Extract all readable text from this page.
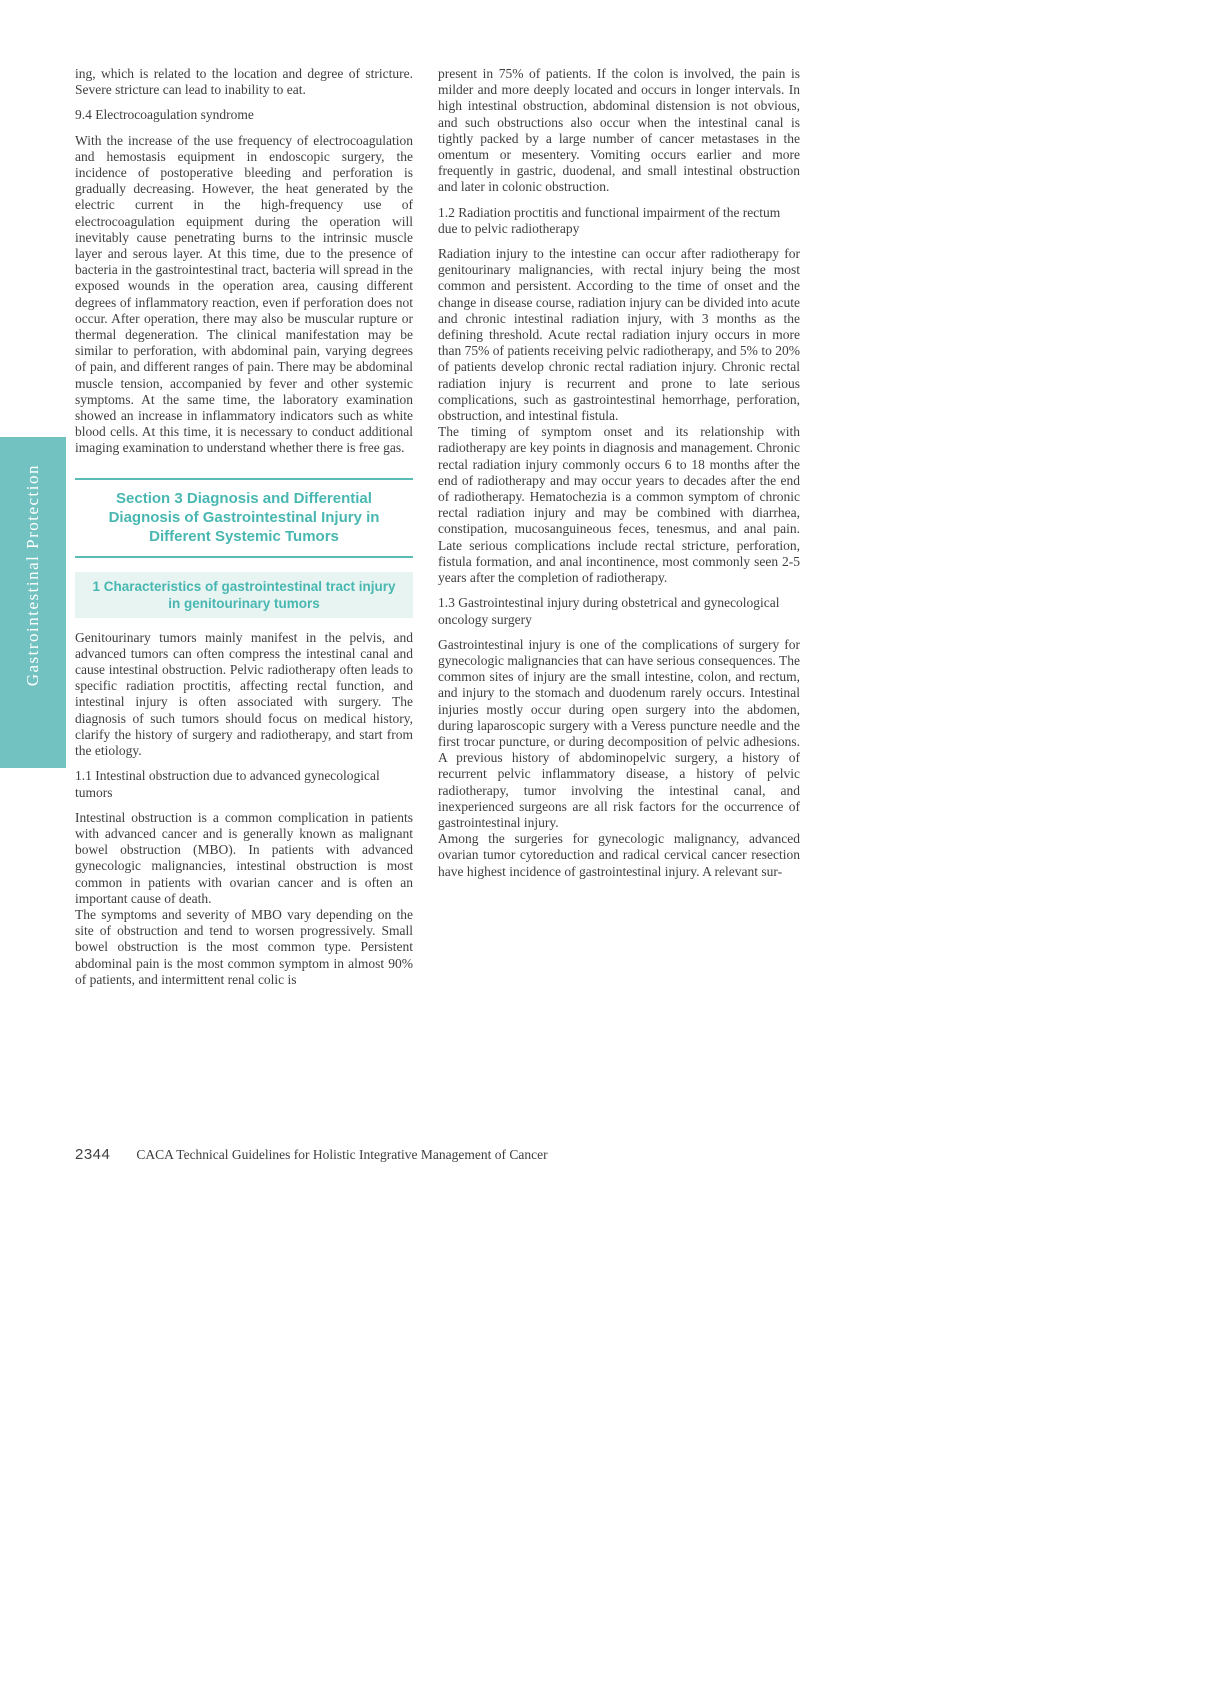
Gastrointestinal Protection
ing, which is related to the location and degree of stricture. Severe stricture can lead to inability to eat.
9.4 Electrocoagulation syndrome
With the increase of the use frequency of electrocoagulation and hemostasis equipment in endoscopic surgery, the incidence of postoperative bleeding and perforation is gradually decreasing. However, the heat generated by the electric current in the high-frequency use of electrocoagulation equipment during the operation will inevitably cause penetrating burns to the intrinsic muscle layer and serous layer. At this time, due to the presence of bacteria in the gastrointestinal tract, bacteria will spread in the exposed wounds in the operation area, causing different degrees of inflammatory reaction, even if perforation does not occur. After operation, there may also be muscular rupture or thermal degeneration. The clinical manifestation may be similar to perforation, with abdominal pain, varying degrees of pain, and different ranges of pain. There may be abdominal muscle tension, accompanied by fever and other systemic symptoms. At the same time, the laboratory examination showed an increase in inflammatory indicators such as white blood cells. At this time, it is necessary to conduct additional imaging examination to understand whether there is free gas.
Section 3 Diagnosis and Differential Diagnosis of Gastrointestinal Injury in Different Systemic Tumors
1 Characteristics of gastrointestinal tract injury in genitourinary tumors
Genitourinary tumors mainly manifest in the pelvis, and advanced tumors can often compress the intestinal canal and cause intestinal obstruction. Pelvic radiotherapy often leads to specific radiation proctitis, affecting rectal function, and intestinal injury is often associated with surgery. The diagnosis of such tumors should focus on medical history, clarify the history of surgery and radiotherapy, and start from the etiology.
1.1 Intestinal obstruction due to advanced gynecological tumors
Intestinal obstruction is a common complication in patients with advanced cancer and is generally known as malignant bowel obstruction (MBO). In patients with advanced gynecologic malignancies, intestinal obstruction is most common in patients with ovarian cancer and is often an important cause of death.
The symptoms and severity of MBO vary depending on the site of obstruction and tend to worsen progressively. Small bowel obstruction is the most common type. Persistent abdominal pain is the most common symptom in almost 90% of patients, and intermittent renal colic is
present in 75% of patients. If the colon is involved, the pain is milder and more deeply located and occurs in longer intervals. In high intestinal obstruction, abdominal distension is not obvious, and such obstructions also occur when the intestinal canal is tightly packed by a large number of cancer metastases in the omentum or mesentery. Vomiting occurs earlier and more frequently in gastric, duodenal, and small intestinal obstruction and later in colonic obstruction.
1.2 Radiation proctitis and functional impairment of the rectum due to pelvic radiotherapy
Radiation injury to the intestine can occur after radiotherapy for genitourinary malignancies, with rectal injury being the most common and persistent. According to the time of onset and the change in disease course, radiation injury can be divided into acute and chronic intestinal radiation injury, with 3 months as the defining threshold. Acute rectal radiation injury occurs in more than 75% of patients receiving pelvic radiotherapy, and 5% to 20% of patients develop chronic rectal radiation injury. Chronic rectal radiation injury is recurrent and prone to late serious complications, such as gastrointestinal hemorrhage, perforation, obstruction, and intestinal fistula.
The timing of symptom onset and its relationship with radiotherapy are key points in diagnosis and management. Chronic rectal radiation injury commonly occurs 6 to 18 months after the end of radiotherapy and may occur years to decades after the end of radiotherapy. Hematochezia is a common symptom of chronic rectal radiation injury and may be combined with diarrhea, constipation, mucosanguineous feces, tenesmus, and anal pain. Late serious complications include rectal stricture, perforation, fistula formation, and anal incontinence, most commonly seen 2-5 years after the completion of radiotherapy.
1.3 Gastrointestinal injury during obstetrical and gynecological oncology surgery
Gastrointestinal injury is one of the complications of surgery for gynecologic malignancies that can have serious consequences. The common sites of injury are the small intestine, colon, and rectum, and injury to the stomach and duodenum rarely occurs. Intestinal injuries mostly occur during open surgery into the abdomen, during laparoscopic surgery with a Veress puncture needle and the first trocar puncture, or during decomposition of pelvic adhesions. A previous history of abdominopelvic surgery, a history of recurrent pelvic inflammatory disease, a history of pelvic radiotherapy, tumor involving the intestinal canal, and inexperienced surgeons are all risk factors for the occurrence of gastrointestinal injury.
Among the surgeries for gynecologic malignancy, advanced ovarian tumor cytoreduction and radical cervical cancer resection have highest incidence of gastrointestinal injury. A relevant sur-
2344 CACA Technical Guidelines for Holistic Integrative Management of Cancer
